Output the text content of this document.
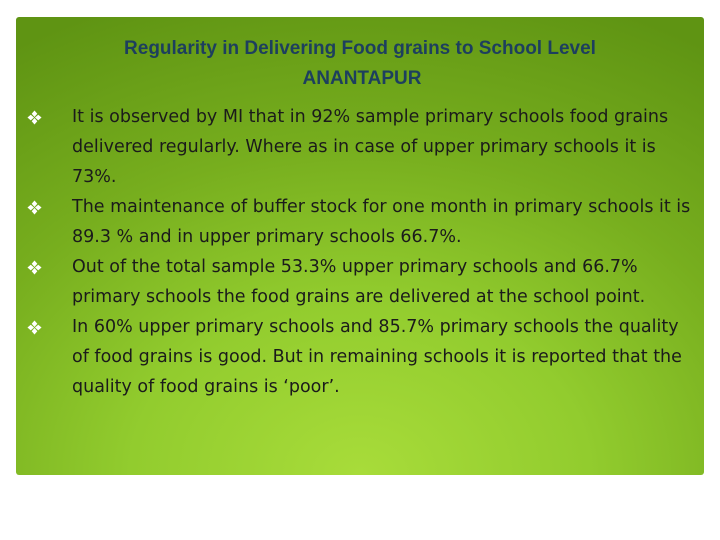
Regularity in Delivering Food grains to School Level
ANANTAPUR
It is observed by MI that in 92% sample primary schools food grains delivered regularly. Where as in case of upper primary schools it is 73%.
The maintenance of buffer stock for one month in primary schools it is 89.3 % and in upper primary schools 66.7%.
Out of the total sample 53.3% upper primary schools and 66.7% primary schools the food grains are delivered at the school point.
In 60% upper primary schools and 85.7% primary schools the quality of food grains is good. But in remaining schools it is reported that the quality of food grains is ‘poor’.
